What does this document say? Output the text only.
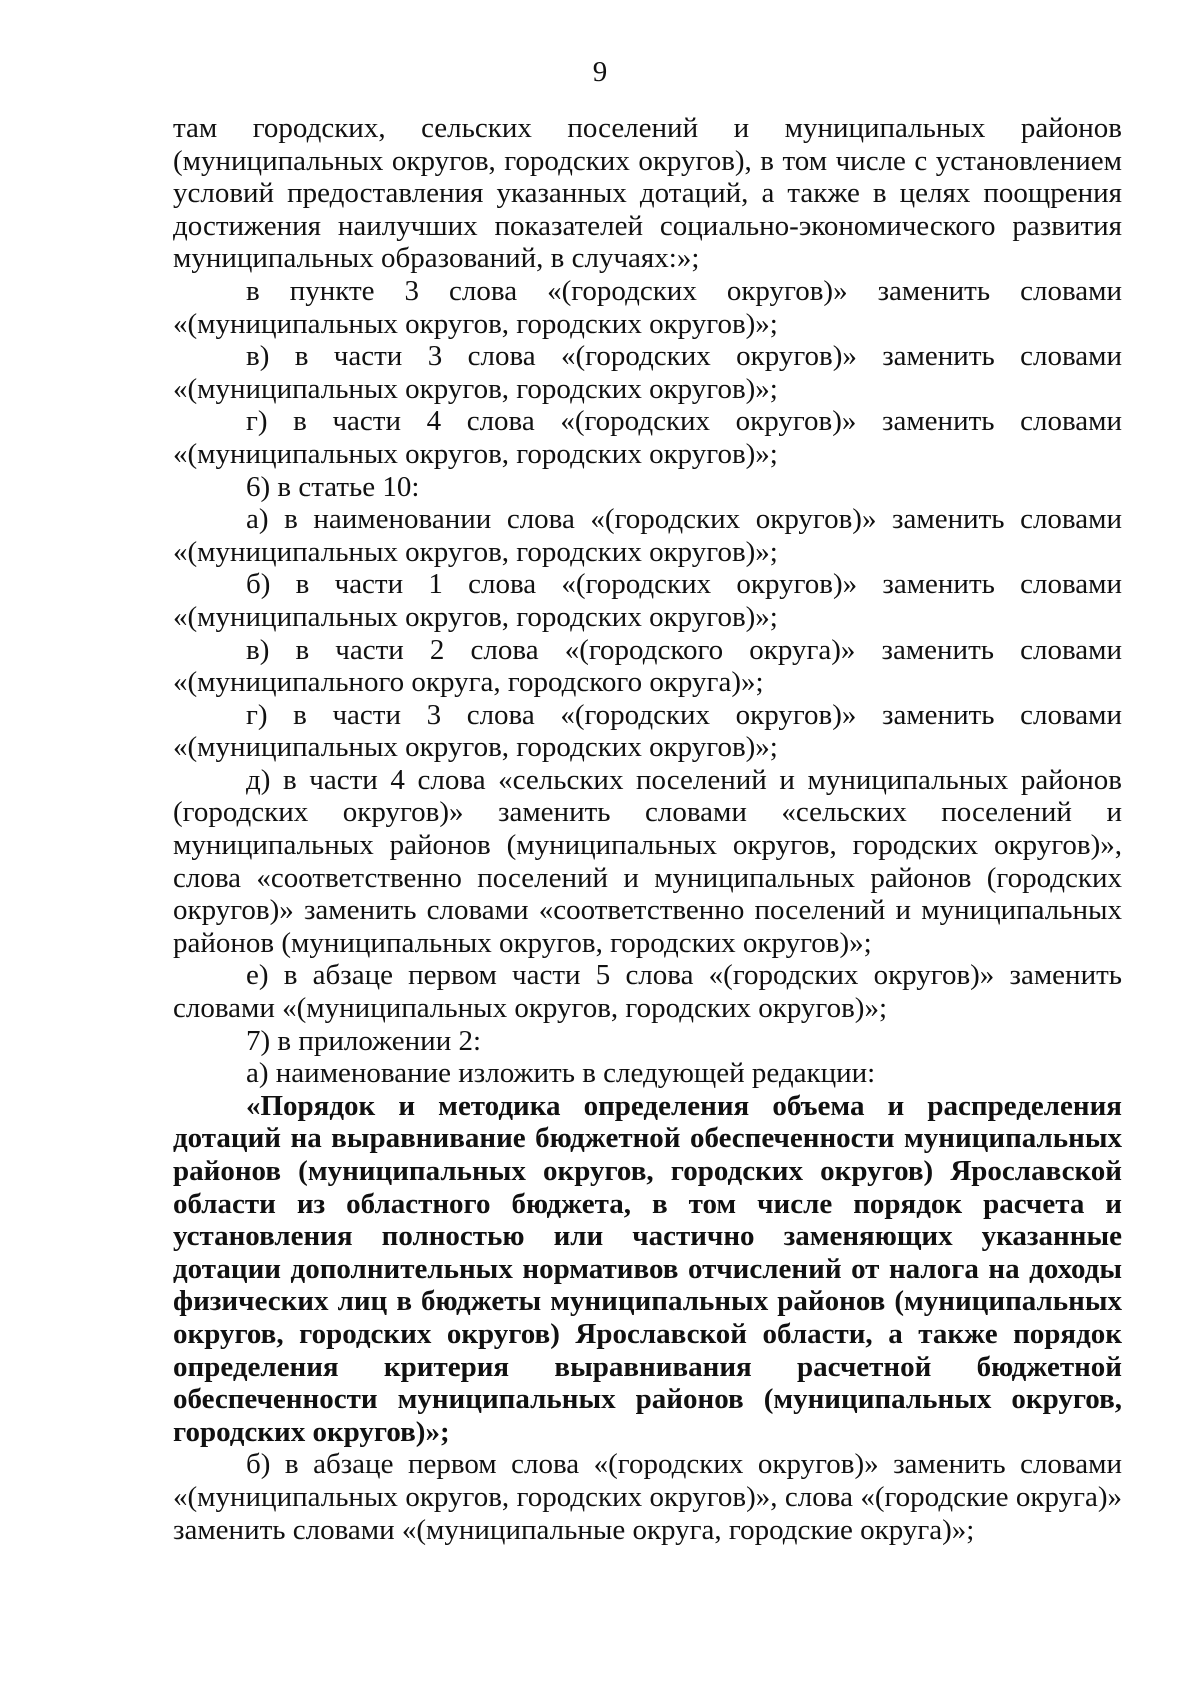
9

там городских, сельских поселений и муниципальных районов (муниципальных округов, городских округов), в том числе с установлением условий предоставления указанных дотаций, а также в целях поощрения достижения наилучших показателей социально-экономического развития муниципальных образований, в случаях:»;

в пункте 3 слова «(городских округов)» заменить словами «(муниципальных округов, городских округов)»;

в) в части 3 слова «(городских округов)» заменить словами «(муниципальных округов, городских округов)»;

г) в части 4 слова «(городских округов)» заменить словами «(муниципальных округов, городских округов)»;

6) в статье 10:

а) в наименовании слова «(городских округов)» заменить словами «(муниципальных округов, городских округов)»;

б) в части 1 слова «(городских округов)» заменить словами «(муниципальных округов, городских округов)»;

в) в части 2 слова «(городского округа)» заменить словами «(муниципального округа, городского округа)»;

г) в части 3 слова «(городских округов)» заменить словами «(муниципальных округов, городских округов)»;

д) в части 4 слова «сельских поселений и муниципальных районов (городских округов)» заменить словами «сельских поселений и муниципальных районов (муниципальных округов, городских округов)», слова «соответственно поселений и муниципальных районов (городских округов)» заменить словами «соответственно поселений и муниципальных районов (муниципальных округов, городских округов)»;

е) в абзаце первом части 5 слова «(городских округов)» заменить словами «(муниципальных округов, городских округов)»;

7) в приложении 2:

а) наименование изложить в следующей редакции:

«Порядок и методика определения объема и распределения дотаций на выравнивание бюджетной обеспеченности муниципальных районов (муниципальных округов, городских округов) Ярославской области из областного бюджета, в том числе порядок расчета и установления полностью или частично заменяющих указанные дотации дополнительных нормативов отчислений от налога на доходы физических лиц в бюджеты муниципальных районов (муниципальных округов, городских округов) Ярославской области, а также порядок определения критерия выравнивания расчетной бюджетной обеспеченности муниципальных районов (муниципальных округов, городских округов)»;

б) в абзаце первом слова «(городских округов)» заменить словами «(муниципальных округов, городских округов)», слова «(городские округа)» заменить словами «(муниципальные округа, городские округа)»;
